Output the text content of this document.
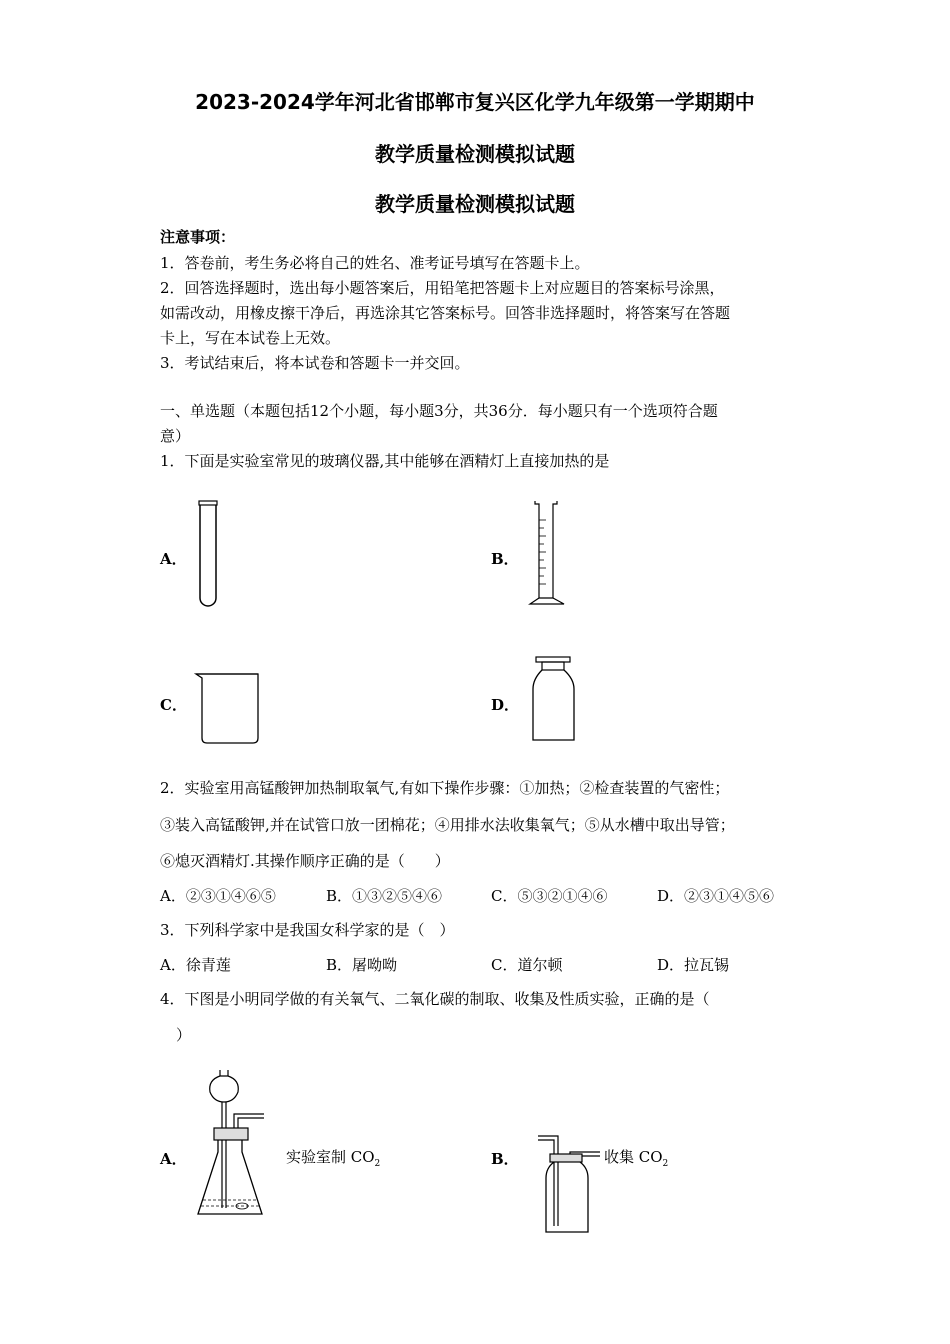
2023-2024学年河北省邯郸市复兴区化学九年级第一学期期中
教学质量检测模拟试题
教学质量检测模拟试题
注意事项：
1．答卷前，考生务必将自己的姓名、准考证号填写在答题卡上。
2．回答选择题时，选出每小题答案后，用铅笔把答题卡上对应题目的答案标号涂黑，
如需改动，用橡皮擦干净后，再选涂其它答案标号。回答非选择题时，将答案写在答题
卡上，写在本试卷上无效。
3．考试结束后，将本试卷和答题卡一并交回。
一、单选题（本题包括12个小题，每小题3分，共36分．每小题只有一个选项符合题
意）
1．下面是实验室常见的玻璃仪器,其中能够在酒精灯上直接加热的是
A．	B．
C．	D．
2．实验室用高锰酸钾加热制取氧气,有如下操作步骤：①加热；②检查装置的气密性；
③装入高锰酸钾,并在试管口放一团棉花；④用排水法收集氧气；⑤从水槽中取出导管；
⑥熄灭酒精灯.其操作顺序正确的是（　　）
A．②③①④⑥⑤	B．①③②⑤④⑥	C．⑤③②①④⑥	D．②③①④⑤⑥
3．下列科学家中是我国女科学家的是（　）
A．徐青莲	B．屠呦呦	C．道尔顿	D．拉瓦锡
4．下图是小明同学做的有关氧气、二氧化碳的制取、收集及性质实验，正确的是（
）
A．	实验室制 $CO_2$	B．	收集 $CO_2$
